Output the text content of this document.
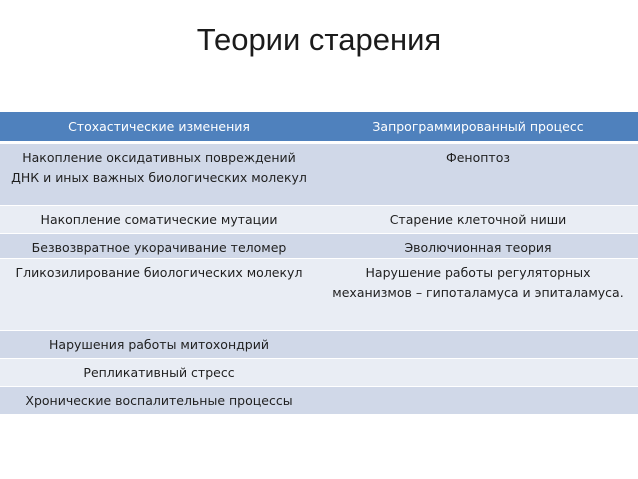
Теории старения
Стохастические изменения	Запрограммированный процесс
Накопление оксидативных повреждений
ДНК и иных важных биологических молекул	Феноптоз
Накопление соматические мутации	Старение клеточной ниши
Безвозвратное укорачивание теломер	Эволючионная теория
Гликозилирование биологических молекул	Нарушение работы регуляторных
механизмов – гипоталамуса и эпиталамуса.
Нарушения работы митохондрий	
Репликативный стресс	
Хронические воспалительные процессы	
